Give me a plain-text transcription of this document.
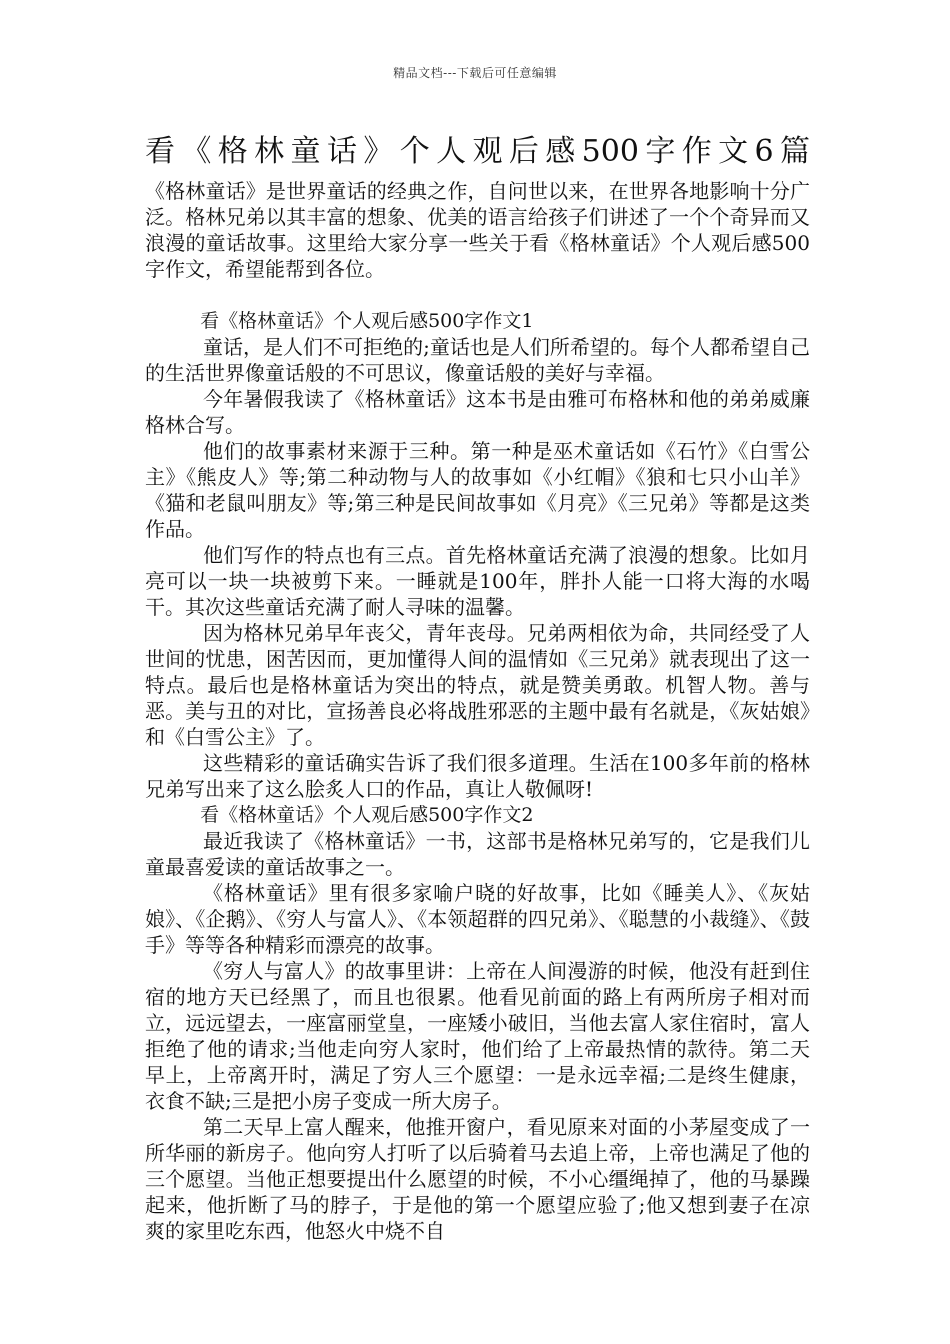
精品文档---下载后可任意编辑
看《格林童话》个人观后感500字作文6篇

《格林童话》是世界童话的经典之作，自问世以来，在世界各地影响十分广泛。格林兄弟以其丰富的想象、优美的语言给孩子们讲述了一个个奇异而又浪漫的童话故事。这里给大家分享一些关于看《格林童话》个人观后感500字作文，希望能帮到各位。

看《格林童话》个人观后感500字作文1

童话，是人们不可拒绝的;童话也是人们所希望的。每个人都希望自己的生活世界像童话般的不可思议，像童话般的美好与幸福。

今年暑假我读了《格林童话》这本书是由雅可布格林和他的弟弟威廉格林合写。

他们的故事素材来源于三种。第一种是巫术童话如《石竹》《白雪公主》《熊皮人》等;第二种动物与人的故事如《小红帽》《狼和七只小山羊》《猫和老鼠叫朋友》等;第三种是民间故事如《月亮》《三兄弟》等都是这类作品。

他们写作的特点也有三点。首先格林童话充满了浪漫的想象。比如月亮可以一块一块被剪下来。一睡就是100年，胖扑人能一口将大海的水喝干。其次这些童话充满了耐人寻味的温馨。

因为格林兄弟早年丧父，青年丧母。兄弟两相依为命，共同经受了人世间的忧患，困苦因而，更加懂得人间的温情如《三兄弟》就表现出了这一特点。最后也是格林童话为突出的特点，就是赞美勇敢。机智人物。善与恶。美与丑的对比，宣扬善良必将战胜邪恶的主题中最有名就是，《灰姑娘》和《白雪公主》了。

这些精彩的童话确实告诉了我们很多道理。生活在100多年前的格林兄弟写出来了这么脍炙人口的作品，真让人敬佩呀!

看《格林童话》个人观后感500字作文2

最近我读了《格林童话》一书，这部书是格林兄弟写的，它是我们儿童最喜爱读的童话故事之一。

《格林童话》里有很多家喻户晓的好故事，比如《睡美人》、《灰姑娘》、《企鹅》、《穷人与富人》、《本领超群的四兄弟》、《聪慧的小裁缝》、《鼓手》等等各种精彩而漂亮的故事。

《穷人与富人》的故事里讲：上帝在人间漫游的时候，他没有赶到住宿的地方天已经黑了，而且也很累。他看见前面的路上有两所房子相对而立，远远望去，一座富丽堂皇，一座矮小破旧，当他去富人家住宿时，富人拒绝了他的请求;当他走向穷人家时，他们给了上帝最热情的款待。第二天早上，上帝离开时，满足了穷人三个愿望：一是永远幸福;二是终生健康，衣食不缺;三是把小房子变成一所大房子。

第二天早上富人醒来，他推开窗户，看见原来对面的小茅屋变成了一所华丽的新房子。他向穷人打听了以后骑着马去追上帝，上帝也满足了他的三个愿望。当他正想要提出什么愿望的时候，不小心缰绳掉了，他的马暴躁起来，他折断了马的脖子，于是他的第一个愿望应验了;他又想到妻子在凉爽的家里吃东西，他怒火中烧不自
